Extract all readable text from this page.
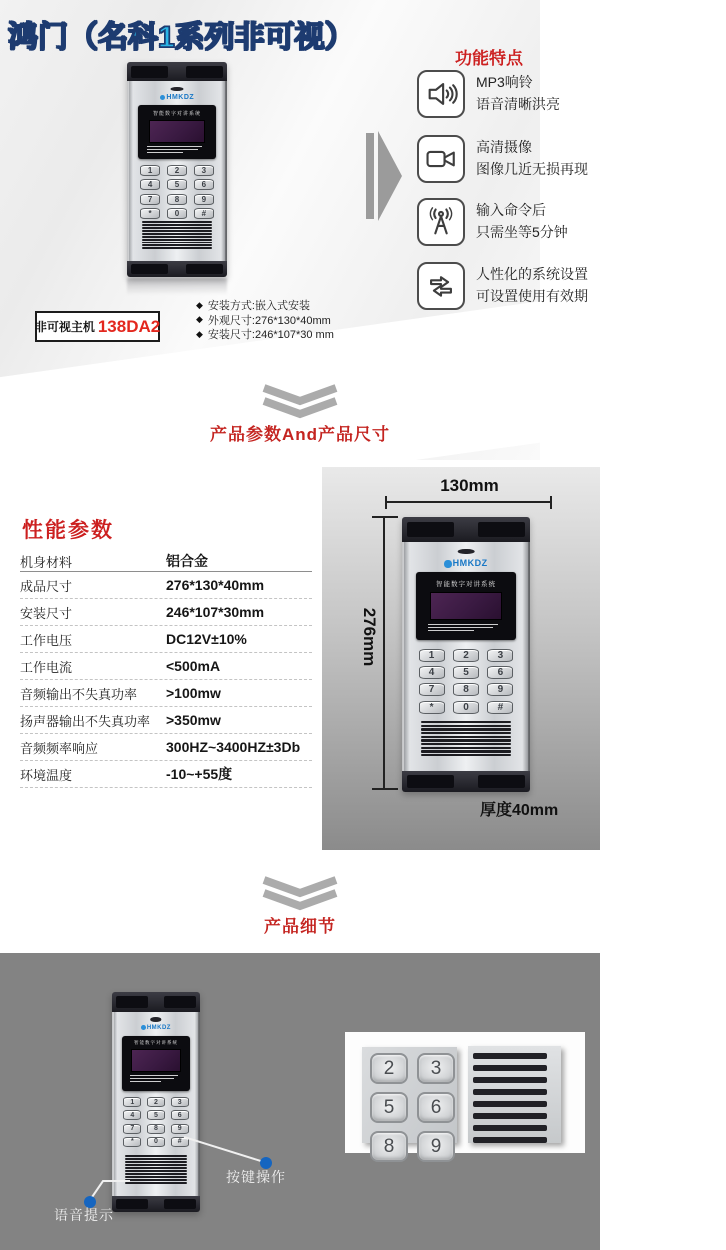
鸿门（名科1系列非可视）
功能特点
MP3响铃
语音清晰洪亮
高清摄像
图像几近无损再现
输入命令后
只需坐等5分钟
人性化的系统设置
可设置使用有效期
HMKDZ
智能数字对讲系统
1	2	3
4	5	6
7	8	9
*	0	#
非可视主机 138DA2
◆ 安装方式:嵌入式安装
◆ 外观尺寸:276*130*40mm
◆ 安装尺寸:246*107*30 mm
产品参数And产品尺寸
性能参数
机身材料	铝合金
成品尺寸	276*130*40mm
安装尺寸	246*107*30mm
工作电压	DC12V±10%
工作电流	<500mA
音频输出不失真功率	>100mw
扬声器输出不失真功率	>350mw
音频频率响应	300HZ~3400HZ±3Db
环境温度	-10~+55度
130mm
276mm
厚度40mm
HMKDZ
智能数字对讲系统
1	2	3
4	5	6
7	8	9
*	0	#
产品细节
HMKDZ
智能数字对讲系统
1	2	3
4	5	6
7	8	9
*	0	#
语音提示
按键操作
2	3
5	6
8	9
